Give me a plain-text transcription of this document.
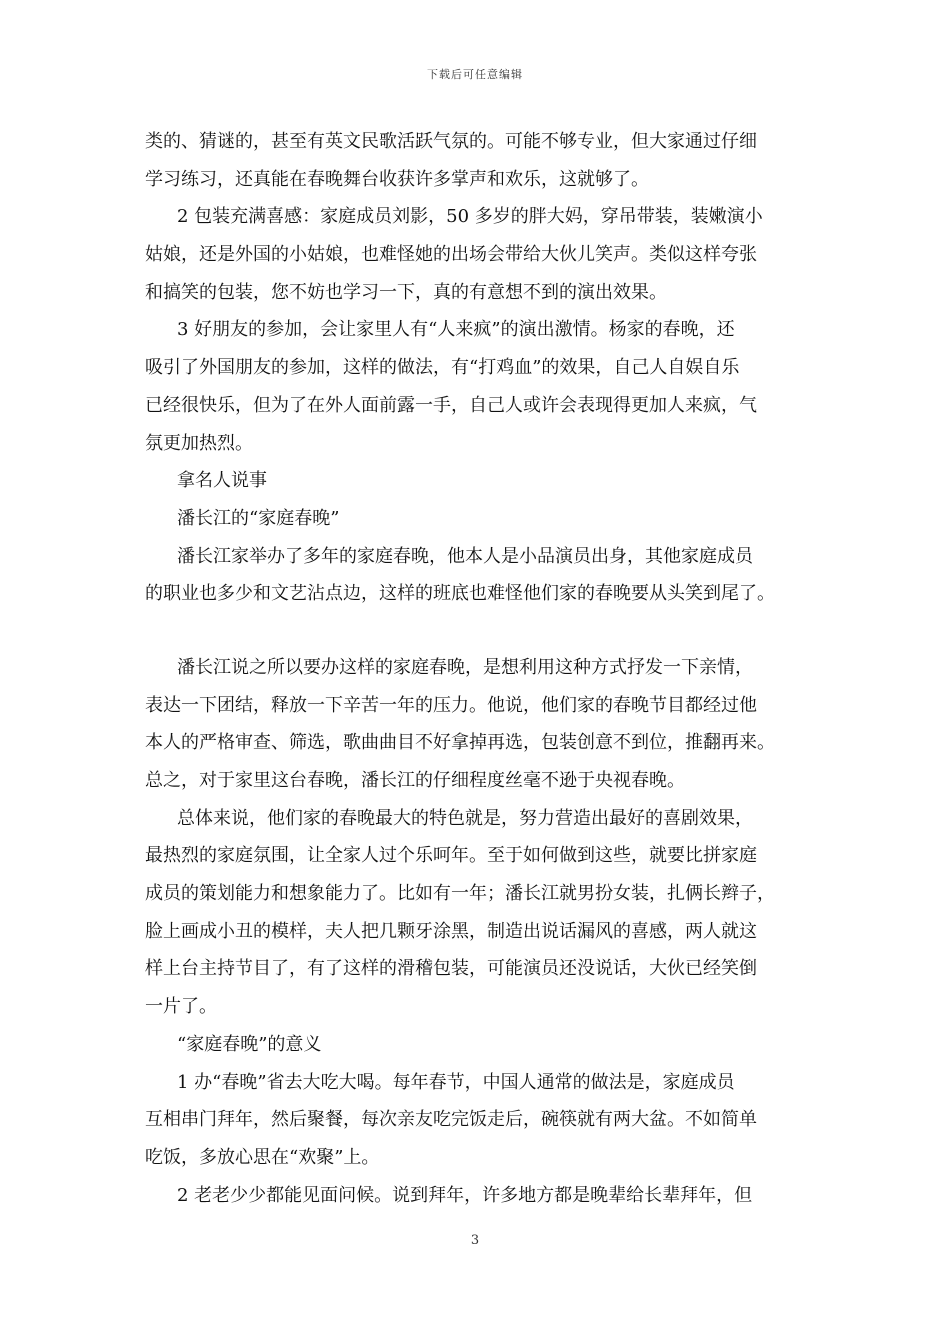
下载后可任意编辑
类的、猜谜的，甚至有英文民歌活跃气氛的。可能不够专业，但大家通过仔细
学习练习，还真能在春晚舞台收获许多掌声和欢乐，这就够了。
2 包装充满喜感：家庭成员刘影，50 多岁的胖大妈，穿吊带装，装嫩演小
姑娘，还是外国的小姑娘，也难怪她的出场会带给大伙儿笑声。类似这样夸张
和搞笑的包装，您不妨也学习一下，真的有意想不到的演出效果。
3 好朋友的参加，会让家里人有“人来疯”的演出激情。杨家的春晚，还
吸引了外国朋友的参加，这样的做法，有“打鸡血”的效果，自己人自娱自乐
已经很快乐，但为了在外人面前露一手，自己人或许会表现得更加人来疯，气
氛更加热烈。
拿名人说事
潘长江的“家庭春晚”
潘长江家举办了多年的家庭春晚，他本人是小品演员出身，其他家庭成员
的职业也多少和文艺沾点边，这样的班底也难怪他们家的春晚要从头笑到尾了。
潘长江说之所以要办这样的家庭春晚，是想利用这种方式抒发一下亲情，
表达一下团结，释放一下辛苦一年的压力。他说，他们家的春晚节目都经过他
本人的严格审查、筛选，歌曲曲目不好拿掉再选，包装创意不到位，推翻再来。
总之，对于家里这台春晚，潘长江的仔细程度丝毫不逊于央视春晚。
总体来说，他们家的春晚最大的特色就是，努力营造出最好的喜剧效果，
最热烈的家庭氛围，让全家人过个乐呵年。至于如何做到这些，就要比拼家庭
成员的策划能力和想象能力了。比如有一年；潘长江就男扮女装，扎俩长辫子，
脸上画成小丑的模样，夫人把几颗牙涂黑，制造出说话漏风的喜感，两人就这
样上台主持节目了，有了这样的滑稽包装，可能演员还没说话，大伙已经笑倒
一片了。
“家庭春晚”的意义
1 办“春晚”省去大吃大喝。每年春节，中国人通常的做法是，家庭成员
互相串门拜年，然后聚餐，每次亲友吃完饭走后，碗筷就有两大盆。不如简单
吃饭，多放心思在“欢聚”上。
2 老老少少都能见面问候。说到拜年，许多地方都是晚辈给长辈拜年，但
3
